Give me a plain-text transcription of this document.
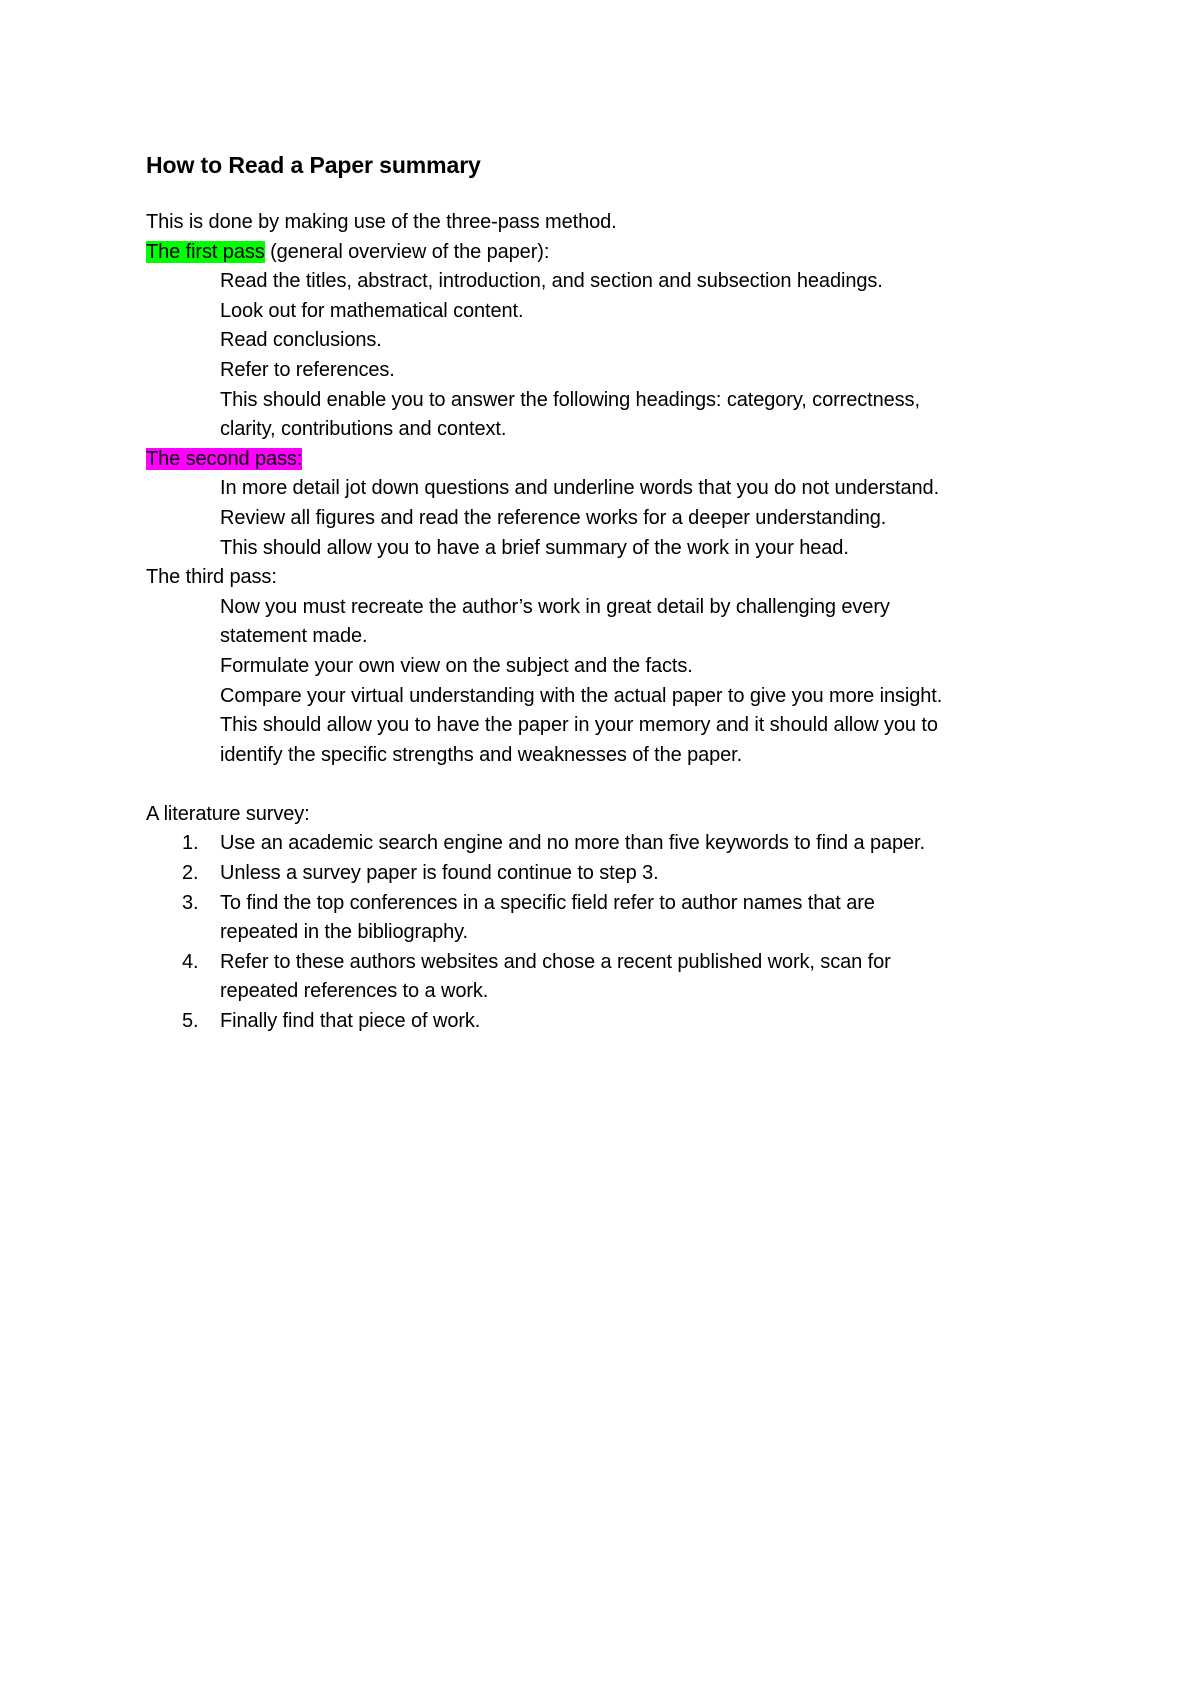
How to Read a Paper summary
This is done by making use of the three-pass method.
The first pass (general overview of the paper):
Read the titles, abstract, introduction, and section and subsection headings.
Look out for mathematical content.
Read conclusions.
Refer to references.
This should enable you to answer the following headings: category, correctness,
clarity, contributions and context.
The second pass:
In more detail jot down questions and underline words that you do not understand.
Review all figures and read the reference works for a deeper understanding.
This should allow you to have a brief summary of the work in your head.
The third pass:
Now you must recreate the author’s work in great detail by challenging every
statement made.
Formulate your own view on the subject and the facts.
Compare your virtual understanding with the actual paper to give you more insight.
This should allow you to have the paper in your memory and it should allow you to
identify the specific strengths and weaknesses of the paper.
A literature survey:
1. Use an academic search engine and no more than five keywords to find a paper.
2. Unless a survey paper is found continue to step 3.
3. To find the top conferences in a specific field refer to author names that are
repeated in the bibliography.
4. Refer to these authors websites and chose a recent published work, scan for
repeated references to a work.
5. Finally find that piece of work.
